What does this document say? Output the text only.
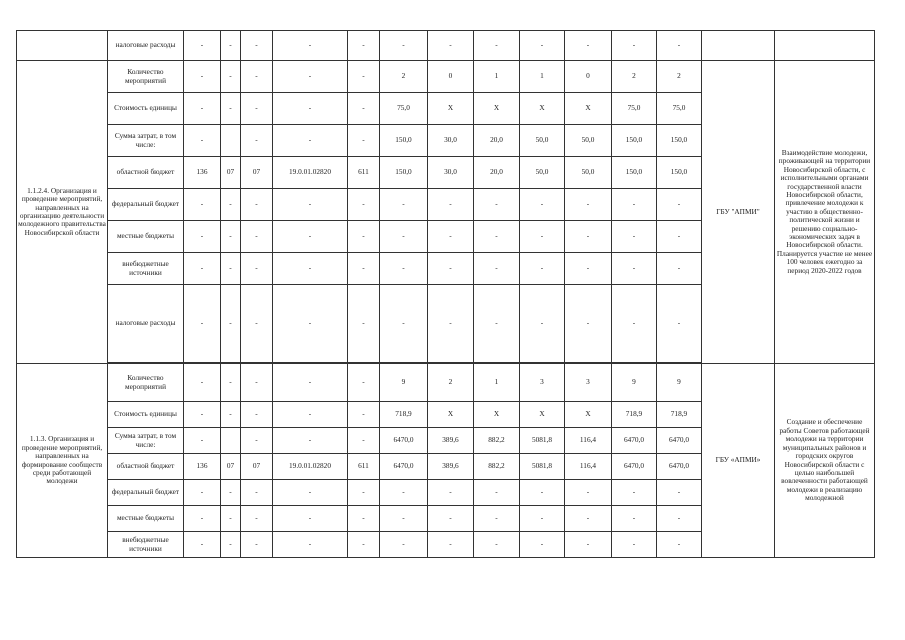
	налоговые расходы	-	-	-	-	-	-	-	-	-	-	-	-		
1.1.2.4. Организация и проведение мероприятий, направленных на организацию деятельности молодежного правительства Новосибирской области	Количество мероприятий	-	-	-	-	-	2	0	1	1	0	2	2	ГБУ "АПМИ"	Взаимодействие молодежи, проживающей на территории Новосибирской области, с исполнительными органами государственной власти Новосибирской области, привлечение молодежи к участию в общественно-политической жизни и решению социально-экономических задач в Новосибирской области. Планируется участие не менее 100 человек ежегодно за период 2020-2022 годов
	Стоимость единицы	-	-	-	-	-	75,0	X	X	X	X	75,0	75,0		
	Сумма затрат, в том числе:	-		-	-	-	150,0	30,0	20,0	50,0	50,0	150,0	150,0		
	областной бюджет	136	07	07	19.0.01.02820	611	150,0	30,0	20,0	50,0	50,0	150,0	150,0		
	федеральный бюджет	-	-	-	-	-	-	-	-	-	-	-	-		
	местные бюджеты	-	-	-	-	-	-	-	-	-	-	-	-		
	внебюджетные источники	-	-	-	-	-	-	-	-	-	-	-	-		
	налоговые расходы	-	-	-	-	-	-	-	-	-	-	-	-		

1.1.3. Организация и проведение мероприятий, направленных на формирование сообществ среди работающей молодежи	Количество мероприятий	-	-	-	-	-	9	2	1	3	3	9	9	ГБУ «АПМИ»	Создание и обеспечение работы Советов работающей молодежи на территории муниципальных районов и городских округов Новосибирской области с целью наибольшей вовлеченности работающей молодежи в реализацию молодежной
	Стоимость единицы	-	-	-	-	-	718,9	X	X	X	X	718,9	718,9		
	Сумма затрат, в том числе:	-		-	-	-	6470,0	389,6	882,2	5081,8	116,4	6470,0	6470,0		
	областной бюджет	136	07	07	19.0.01.02820	611	6470,0	389,6	882,2	5081,8	116,4	6470,0	6470,0		
	федеральный бюджет	-	-	-	-	-	-	-	-	-	-	-	-		
	местные бюджеты	-	-	-	-	-	-	-	-	-	-	-	-		
	внебюджетные источники	-	-	-	-	-	-	-	-	-	-	-	-		
